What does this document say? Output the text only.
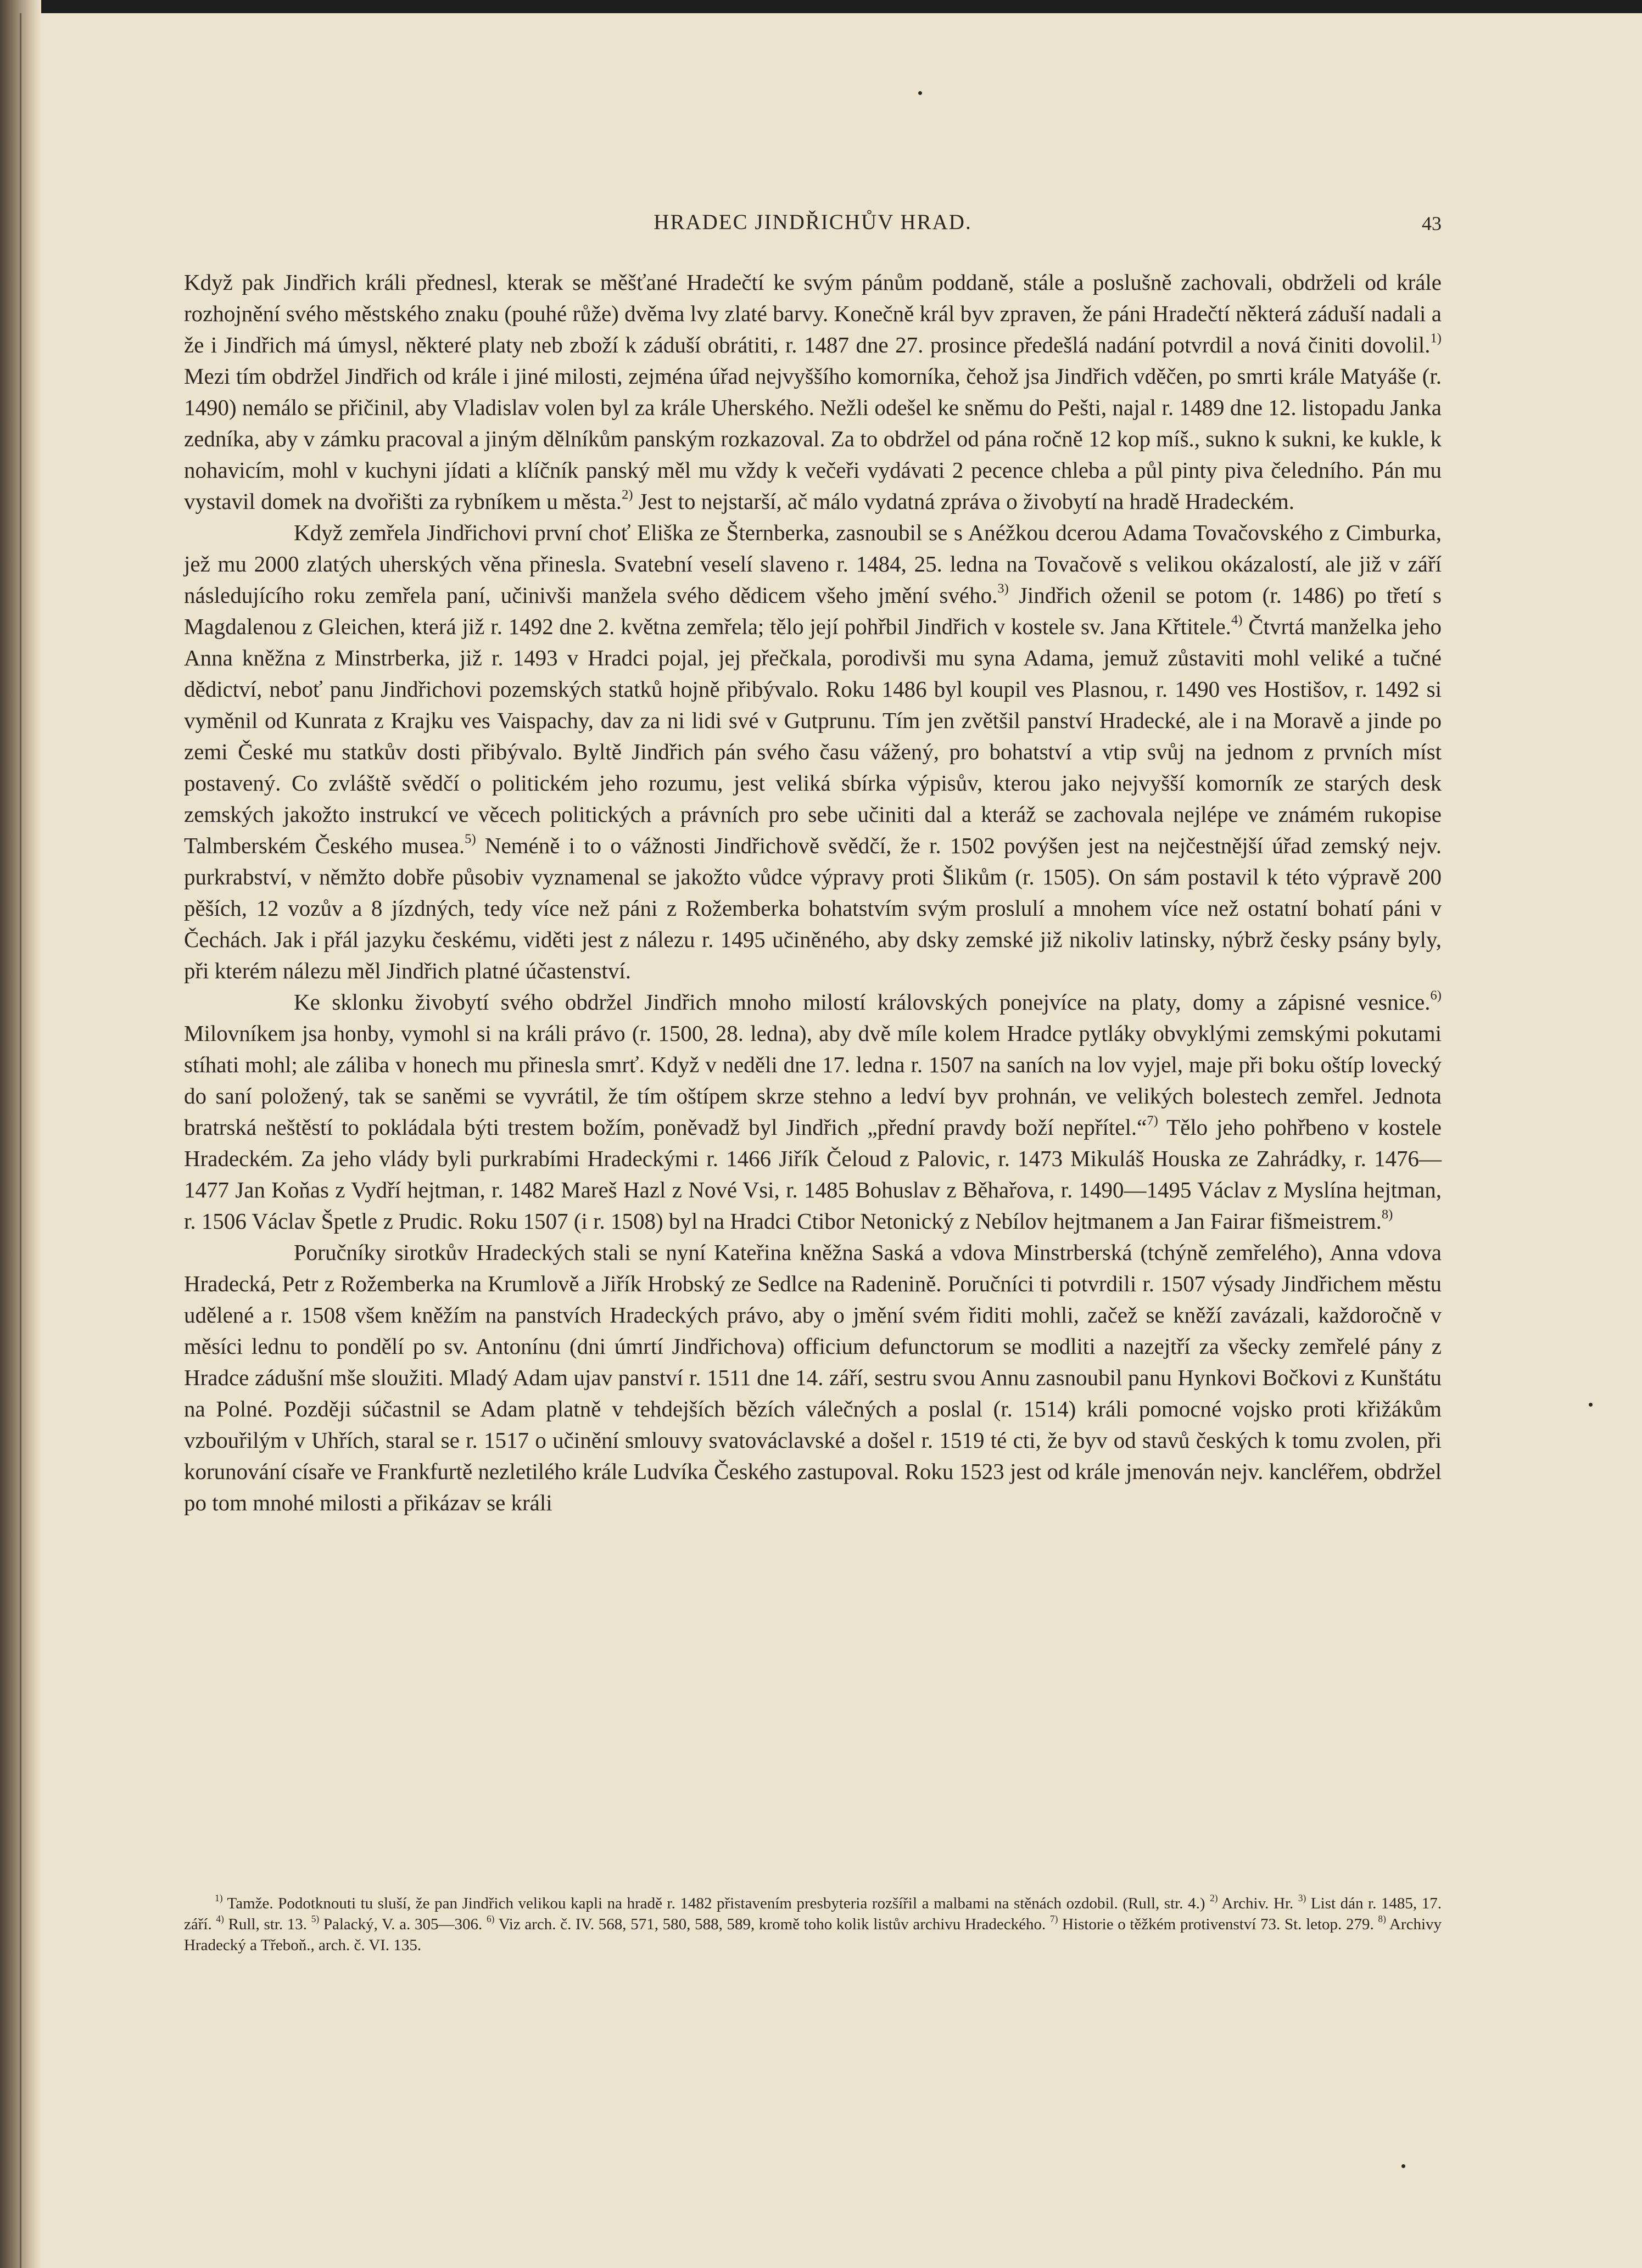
HRADEC JINDŘICHŮV HRAD.	43

Když pak Jindřich králi přednesl, kterak se měšťané Hradečtí ke svým pánům poddaně, stále a poslušně zachovali, obdrželi od krále rozhojnění svého městského znaku (pouhé růže) dvěma lvy zlaté barvy. Konečně král byv zpraven, že páni Hradečtí některá záduší nadali a že i Jindřich má úmysl, některé platy neb zboží k záduší obrátiti, r. 1487 dne 27. prosince předešlá nadání potvrdil a nová činiti dovolil.$^{1)}$ Mezi tím obdržel Jindřich od krále i jiné milosti, zejména úřad nejvyššího komorníka, čehož jsa Jindřich vděčen, po smrti krále Matyáše (r. 1490) nemálo se přičinil, aby Vladislav volen byl za krále Uherského. Nežli odešel ke sněmu do Pešti, najal r. 1489 dne 12. listopadu Janka zedníka, aby v zámku pracoval a jiným dělníkům panským rozkazoval. Za to obdržel od pána ročně 12 kop míš., sukno k sukni, ke kukle, k nohavicím, mohl v kuchyni jídati a klíčník panský měl mu vždy k večeři vydávati 2 pecence chleba a půl pinty piva čeledního. Pán mu vystavil domek na dvořišti za rybníkem u města.$^{2)}$ Jest to nejstarší, ač málo vydatná zpráva o živobytí na hradě Hradeckém.

Když zemřela Jindřichovi první choť Eliška ze Šternberka, zasnoubil se s Anéžkou dcerou Adama Tovačovského z Cimburka, jež mu 2000 zlatých uherských věna přinesla. Svatební veselí slaveno r. 1484, 25. ledna na Tovačově s velikou okázalostí, ale již v září následujícího roku zemřela paní, učinivši manžela svého dědicem všeho jmění svého.$^{3)}$ Jindřich oženil se potom (r. 1486) po třetí s Magdalenou z Gleichen, která již r. 1492 dne 2. května zemřela; tělo její pohřbil Jindřich v kostele sv. Jana Křtitele.$^{4)}$ Čtvrtá manželka jeho Anna kněžna z Minstrberka, již r. 1493 v Hradci pojal, jej přečkala, porodivši mu syna Adama, jemuž zůstaviti mohl veliké a tučné dědictví, neboť panu Jindřichovi pozemských statků hojně přibývalo. Roku 1486 byl koupil ves Plasnou, r. 1490 ves Hostišov, r. 1492 si vyměnil od Kunrata z Krajku ves Vaispachy, dav za ni lidi své v Gutprunu. Tím jen zvětšil panství Hradecké, ale i na Moravě a jinde po zemi České mu statkův dosti přibývalo. Byltě Jindřich pán svého času vážený, pro bohatství a vtip svůj na jednom z prvních míst postavený. Co zvláště svědčí o politickém jeho rozumu, jest veliká sbírka výpisův, kterou jako nejvyšší komorník ze starých desk zemských jakožto instrukcí ve věcech politických a právních pro sebe učiniti dal a kteráž se zachovala nejlépe ve známém rukopise Talmberském Českého musea.$^{5)}$ Neméně i to o vážnosti Jindřichově svědčí, že r. 1502 povýšen jest na nejčestnější úřad zemský nejv. purkrabství, v němžto dobře působiv vyznamenal se jakožto vůdce výpravy proti Šlikům (r. 1505). On sám postavil k této výpravě 200 pěších, 12 vozův a 8 jízdných, tedy více než páni z Rožemberka bohatstvím svým proslulí a mnohem více než ostatní bohatí páni v Čechách. Jak i přál jazyku českému, viděti jest z nálezu r. 1495 učiněného, aby dsky zemské již nikoliv latinsky, nýbrž česky psány byly, při kterém nálezu měl Jindřich platné účastenství.

Ke sklonku živobytí svého obdržel Jindřich mnoho milostí královských ponejvíce na platy, domy a zápisné vesnice.$^{6)}$ Milovníkem jsa honby, vymohl si na králi právo (r. 1500, 28. ledna), aby dvě míle kolem Hradce pytláky obvyklými zemskými pokutami stíhati mohl; ale záliba v honech mu přinesla smrť. Když v neděli dne 17. ledna r. 1507 na saních na lov vyjel, maje při boku oštíp lovecký do saní položený, tak se saněmi se vyvrátil, že tím oštípem skrze stehno a ledví byv prohnán, ve velikých bolestech zemřel. Jednota bratrská neštěstí to pokládala býti trestem božím, poněvadž byl Jindřich „přední pravdy boží nepřítel.“$^{7)}$ Tělo jeho pohřbeno v kostele Hradeckém. Za jeho vlády byli purkrabími Hradeckými r. 1466 Jiřík Čeloud z Palovic, r. 1473 Mikuláš Houska ze Zahrádky, r. 1476—1477 Jan Koňas z Vydří hejtman, r. 1482 Mareš Hazl z Nové Vsi, r. 1485 Bohuslav z Běhařova, r. 1490—1495 Václav z Myslína hejtman, r. 1506 Václav Špetle z Prudic. Roku 1507 (i r. 1508) byl na Hradci Ctibor Netonický z Nebílov hejtmanem a Jan Fairar fišmeistrem.$^{8)}$

Poručníky sirotkův Hradeckých stali se nyní Kateřina kněžna Saská a vdova Minstrberská (tchýně zemřelého), Anna vdova Hradecká, Petr z Rožemberka na Krumlově a Jiřík Hrobský ze Sedlce na Radenině. Poručníci ti potvrdili r. 1507 výsady Jindřichem městu udělené a r. 1508 všem kněžím na panstvích Hradeckých právo, aby o jmění svém řiditi mohli, začež se kněží zavázali, každoročně v měsíci lednu to pondělí po sv. Antonínu (dni úmrtí Jindřichova) officium defunctorum se modliti a nazejtří za všecky zemřelé pány z Hradce zádušní mše sloužiti. Mladý Adam ujav panství r. 1511 dne 14. září, sestru svou Annu zasnoubil panu Hynkovi Bočkovi z Kunštátu na Polné. Později súčastnil se Adam platně v tehdejších bězích válečných a poslal (r. 1514) králi pomocné vojsko proti křižákům vzbouřilým v Uhřích, staral se r. 1517 o učinění smlouvy svatováclavské a došel r. 1519 té cti, že byv od stavů českých k tomu zvolen, při korunování císaře ve Frankfurtě nezletilého krále Ludvíka Českého zastupoval. Roku 1523 jest od krále jmenován nejv. kancléřem, obdržel po tom mnohé milosti a přikázav se králi

$^{1)}$ Tamže. Podotknouti tu sluší, že pan Jindřich velikou kapli na hradě r. 1482 přistavením presbyteria rozšířil a malbami na stěnách ozdobil. (Rull, str. 4.) $^{2)}$ Archiv. Hr. $^{3)}$ List dán r. 1485, 17. září. $^{4)}$ Rull, str. 13. $^{5)}$ Palacký, V. a. 305—306. $^{6)}$ Viz arch. č. IV. 568, 571, 580, 588, 589, kromě toho kolik listův archivu Hradeckého. $^{7)}$ Historie o těžkém protivenství 73. St. letop. 279. $^{8)}$ Archivy Hradecký a Třeboň., arch. č. VI. 135.
